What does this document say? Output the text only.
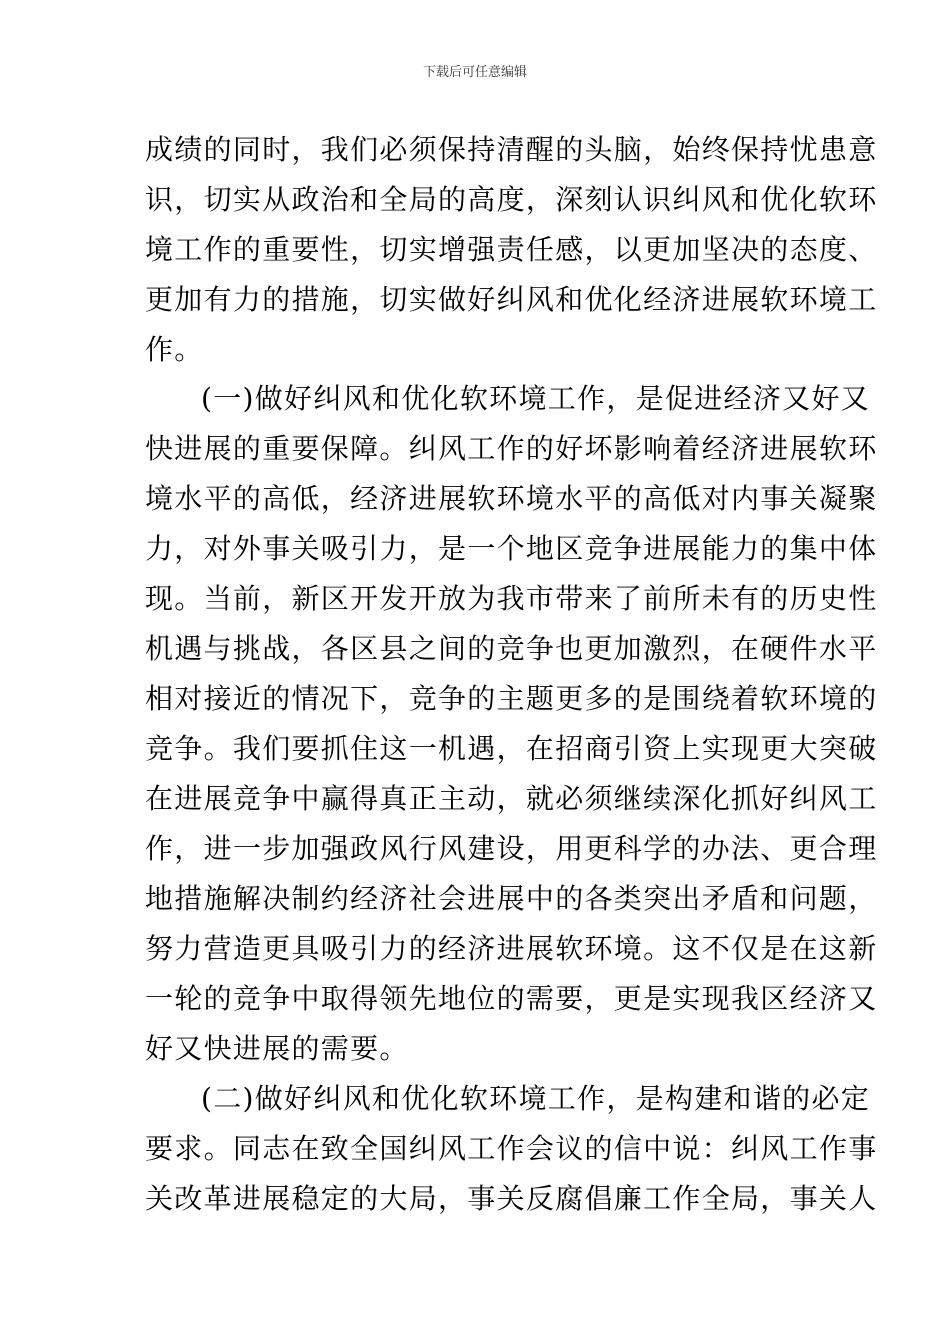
下载后可任意编辑
成绩的同时，我们必须保持清醒的头脑，始终保持忧患意
识，切实从政治和全局的高度，深刻认识纠风和优化软环
境工作的重要性，切实增强责任感，以更加坚决的态度、
更加有力的措施，切实做好纠风和优化经济进展软环境工
作。
(一)做好纠风和优化软环境工作，是促进经济又好又
快进展的重要保障。纠风工作的好坏影响着经济进展软环
境水平的高低，经济进展软环境水平的高低对内事关凝聚
力，对外事关吸引力，是一个地区竞争进展能力的集中体
现。当前，新区开发开放为我市带来了前所未有的历史性
机遇与挑战，各区县之间的竞争也更加激烈，在硬件水平
相对接近的情况下，竞争的主题更多的是围绕着软环境的
竞争。我们要抓住这一机遇，在招商引资上实现更大突破
在进展竞争中赢得真正主动，就必须继续深化抓好纠风工
作，进一步加强政风行风建设，用更科学的办法、更合理
地措施解决制约经济社会进展中的各类突出矛盾和问题，
努力营造更具吸引力的经济进展软环境。这不仅是在这新
一轮的竞争中取得领先地位的需要，更是实现我区经济又
好又快进展的需要。
(二)做好纠风和优化软环境工作，是构建和谐的必定
要求。同志在致全国纠风工作会议的信中说：纠风工作事
关改革进展稳定的大局，事关反腐倡廉工作全局，事关人
